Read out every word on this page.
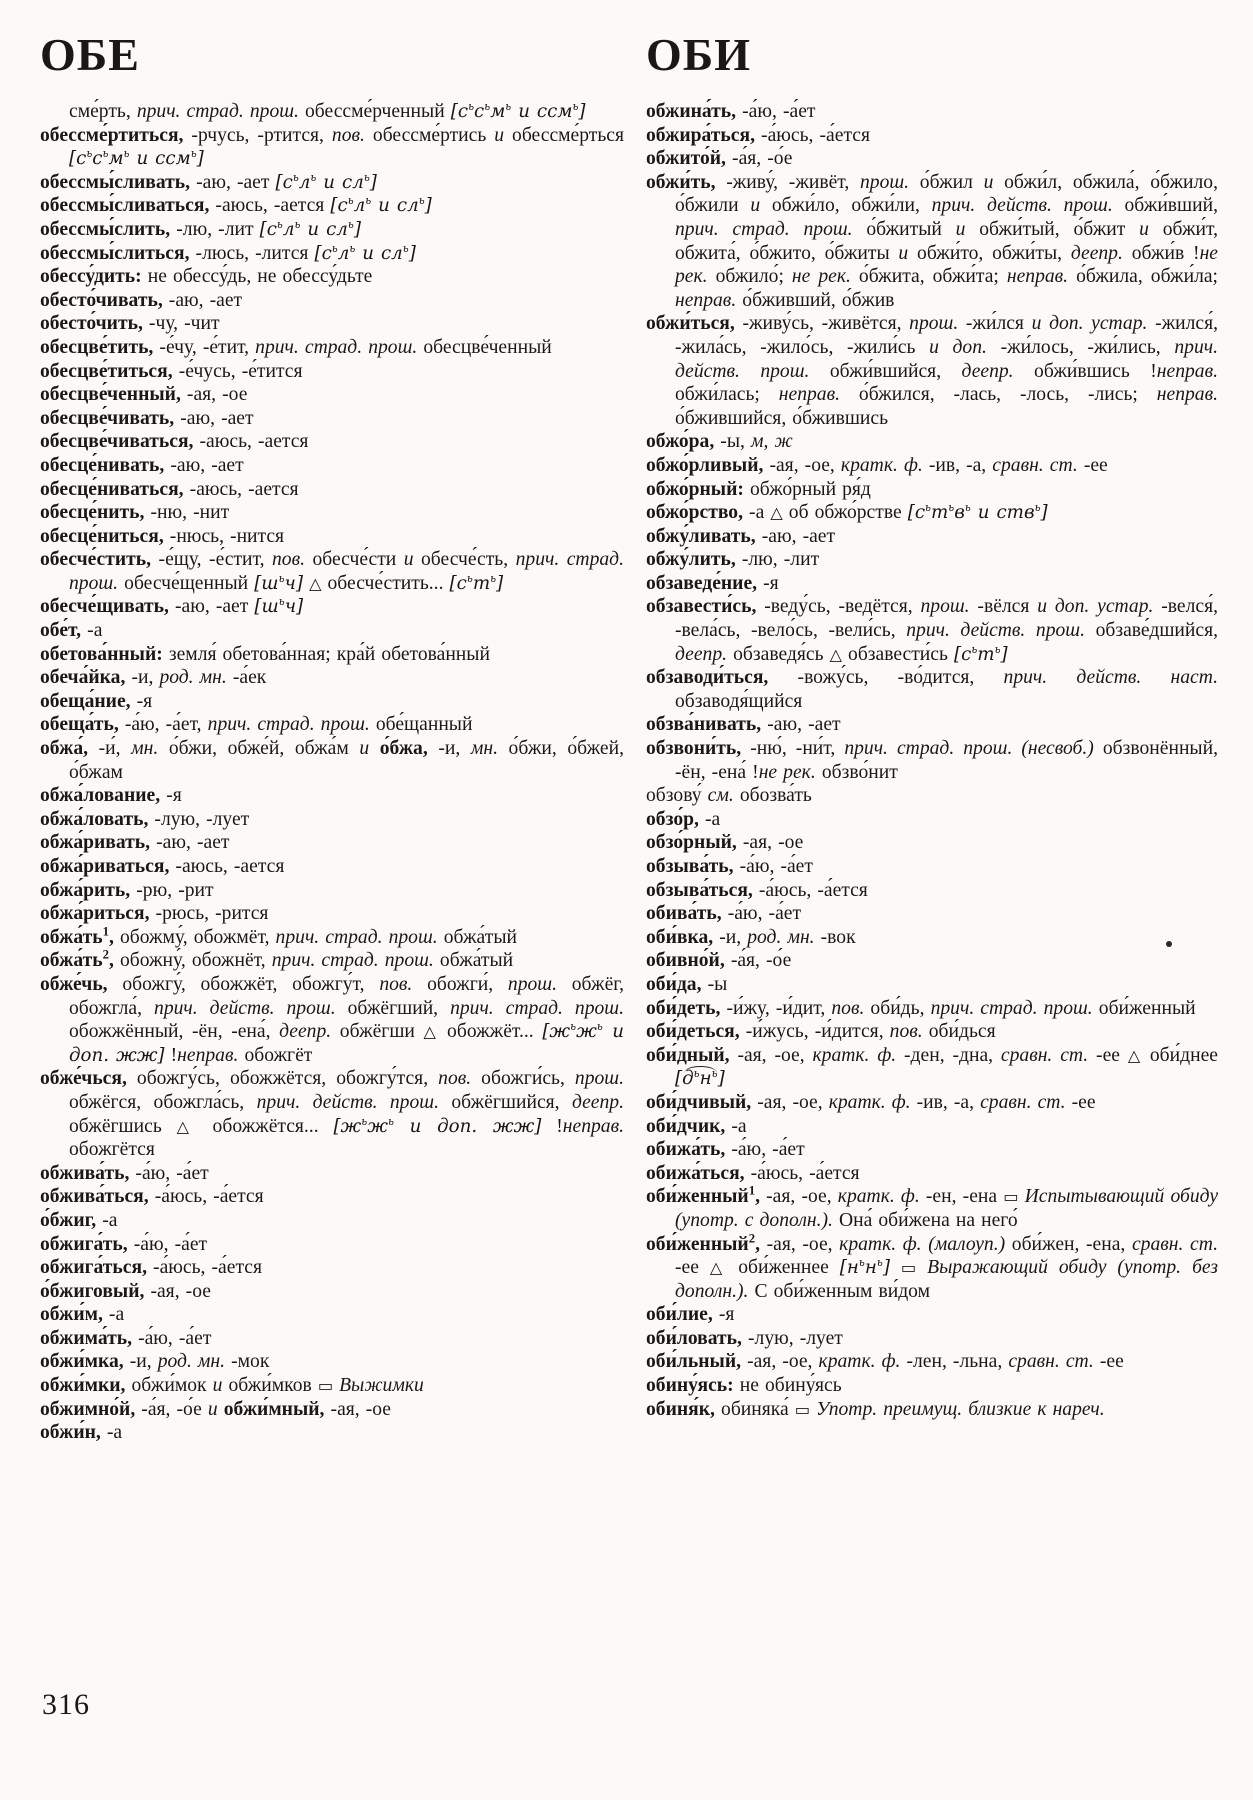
ОБЕ

сме́рть, прич. страд. прош. обессме́рченный [$с^ьс^ьм^ь$ и ссм$^ь$]

обессме́ртиться, -рчусь, -ртится, пов. обессме́ртись и обессме́рться [$с^ьс^ьм^ь$ и ссм$^ь$]

обессмы́сливать, -аю, -ает [$с^ьл^ь$ и $сл^ь$]

обессмы́сливаться, -аюсь, -ается [$с^ьл^ь$ и $сл^ь$]

обессмы́слить, -лю, -лит [$с^ьл^ь$ и $сл^ь$]

обессмы́слиться, -люсь, -лится [$с^ьл^ь$ и $сл^ь$]

обессу́дить: не обессу́дь, не обессу́дьте

обесто́чивать, -аю, -ает

обесто́чить, -чу, -чит

обесцве́тить, -е́чу, -е́тит, прич. страд. прош. обесцве́ченный

обесцве́титься, -е́чусь, -е́тится

обесцве́ченный, -ая, -ое

обесцве́чивать, -аю, -ает

обесцве́чиваться, -аюсь, -ается

обесце́нивать, -аю, -ает

обесце́ниваться, -аюсь, -ается

обесце́нить, -ню, -нит

обесце́ниться, -нюсь, -нится

обесче́стить, -е́щу, -е́стит, пов. обесче́сти и обесче́сть, прич. страд. прош. обесче́щенный $[ш^ьч]$ △ обесче́стить... $[с^ьт^ь]$

обесче́щивать, -аю, -ает $[ш^ьч]$

обе́т, -а

обетова́нный: земля́ обетова́нная; кра́й обетова́нный

обеча́йка, -и, род. мн. -а́ек

обеща́ние, -я

обеща́ть, -а́ю, -а́ет, прич. страд. прош. обе́щанный

обжа́, -и́, мн. о́бжи, обже́й, обжа́м и о́бжа, -и, мн. о́бжи, о́бжей, о́бжам

обжа́лование, -я

обжа́ловать, -лую, -лует

обжа́ривать, -аю, -ает

обжа́риваться, -аюсь, -ается

обжа́рить, -рю, -рит

обжа́риться, -рюсь, -рится

$обжа́ть^1$, обожму́, обожмёт, прич. страд. прош. обжа́тый

$обжа́ть^2$, обожну́, обожнёт, прич. страд. прош. обжа́тый

обже́чь, обожгу́, обожжёт, обожгу́т, пов. обожги́, прош. обжёг, обожгла́, прич. действ. прош. обжёгший, прич. страд. прош. обожжённый, -ён, -ена́, деепр. обжёгши △ обожжёт... [$ж^ьж^ь$ и доп. жж] !неправ. обожгёт

обже́чься, обожгу́сь, обожжётся, обожгу́тся, пов. обожги́сь, прош. обжёгся, обожгла́сь, прич. действ. прош. обжёгшийся, деепр. обжёгшись △ обожжётся... [$ж^ьж^ь$ и доп. жж] !неправ. обожгётся

обжива́ть, -а́ю, -а́ет

обжива́ться, -а́юсь, -а́ется

о́бжиг, -а

обжига́ть, -а́ю, -а́ет

обжига́ться, -а́юсь, -а́ется

о́бжиговый, -ая, -ое

обжи́м, -а

обжима́ть, -а́ю, -а́ет

обжи́мка, -и, род. мн. -мок

обжи́мки, обжи́мок и обжи́мков ▭ Выжимки

обжимно́й, -а́я, -о́е и обжи́мный, -ая, -ое

обжи́н, -а

ОБИ

обжина́ть, -а́ю, -а́ет

обжира́ться, -а́юсь, -а́ется

обжито́й, -а́я, -о́е

обжи́ть, -живу́, -живёт, прош. о́бжил и обжи́л, обжила́, о́бжило, о́бжили и обжи́ло, обжи́ли, прич. действ. прош. обжи́вший, прич. страд. прош. о́бжитый и обжи́тый, о́бжит и обжи́т, обжита́, о́бжито, о́бжиты и обжи́то, обжи́ты, деепр. обжи́в !не рек. обжило́; не рек. о́бжита, обжи́та; неправ. о́бжила, обжи́ла; неправ. о́бживший, о́бжив

обжи́ться, -живу́сь, -живётся, прош. -жи́лся и доп. устар. -жился́, -жила́сь, -жило́сь, -жили́сь и доп. -жи́лось, -жи́лись, прич. действ. прош. обжи́вшийся, деепр. обжи́вшись !неправ. обжи́лась; неправ. о́бжился, -лась, -лось, -лись; неправ. о́бжившийся, о́бжившись

обжо́ра, -ы, м, ж

обжо́рливый, -ая, -ое, кратк. ф. -ив, -а, сравн. ст. -ее

обжо́рный: обжо́рный ря́д

обжо́рство, -а △ об обжо́рстве [$с^ьт^ьв^ь$ и ств$^ь$]

обжу́ливать, -аю, -ает

обжу́лить, -лю, -лит

обзаведе́ние, -я

обзавести́сь, -веду́сь, -ведётся, прош. -вёлся и доп. устар. -велся́, -вела́сь, -вело́сь, -вели́сь, прич. действ. прош. обзаве́дшийся, деепр. обзаведя́сь △ обзавести́сь $[с^ьт^ь]$

обзаводи́ться, -вожу́сь, -во́дится, прич. действ. наст. обзаводя́щийся

обзва́нивать, -аю, -ает

обзвони́ть, -ню́, -ни́т, прич. страд. прош. (несвоб.) обзвонённый, -ён, -ена́ !не рек. обзво́нит

обзову́ см. обозва́ть

обзо́р, -а

обзо́рный, -ая, -ое

обзыва́ть, -а́ю, -а́ет

обзыва́ться, -а́юсь, -а́ется

обива́ть, -а́ю, -а́ет

оби́вка, -и, род. мн. -вок

обивно́й, -а́я, -о́е

оби́да, -ы

оби́деть, -и́жу, -и́дит, пов. оби́дь, прич. страд. прош. оби́женный

оби́деться, -и́жусь, -и́дится, пов. оби́дься

оби́дный, -ая, -ое, кратк. ф. -ден, -дна, сравн. ст. -ее △ оби́днее $[д^ьн^ь]$

оби́дчивый, -ая, -ое, кратк. ф. -ив, -а, сравн. ст. -ее

оби́дчик, -а

обижа́ть, -а́ю, -а́ет

обижа́ться, -а́юсь, -а́ется

оби́женный$^1$, -ая, -ое, кратк. ф. -ен, -ена ▭ Испытывающий обиду (употр. с дополн.). Она́ оби́жена на него́

оби́женный$^2$, -ая, -ое, кратк. ф. (малоуп.) оби́жен, -ена, сравн. ст. -ее △ оби́женнее $[н^ьн^ь]$ ▭ Выражающий обиду (употр. без дополн.). С оби́женным ви́дом

оби́лие, -я

оби́ловать, -лую, -лует

оби́льный, -ая, -ое, кратк. ф. -лен, -льна, сравн. ст. -ее

обину́ясь: не обину́ясь

обиня́к, обиняка́ ▭ Употр. преимущ. близкие к нареч.

316
